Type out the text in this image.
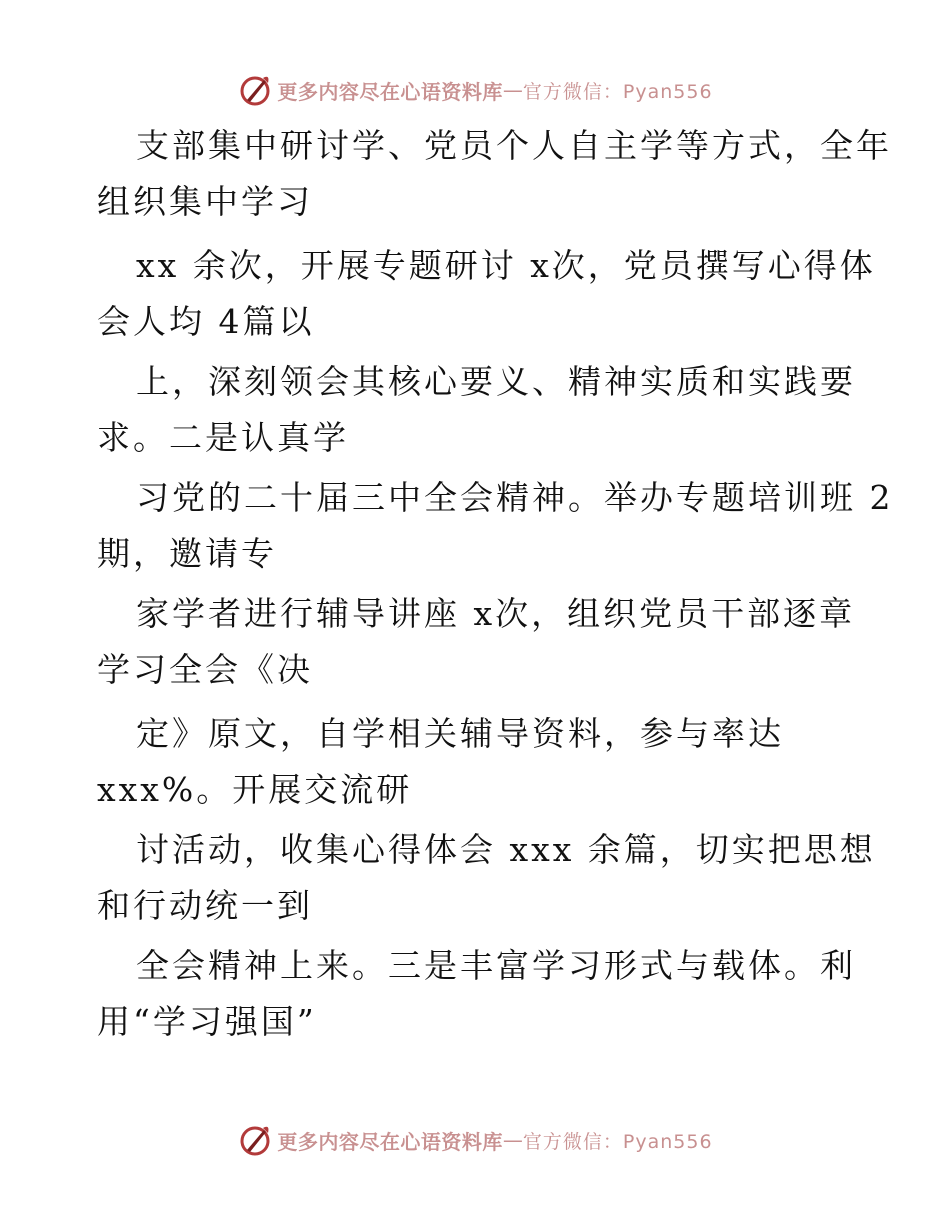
更多内容尽在心语资料库 — 官方微信：Pyan556
支部集中研讨学、党员个人自主学等方式，全年
组织集中学习
xx 余次，开展专题研讨 x次，党员撰写心得体
会人均 4篇以
上，深刻领会其核心要义、精神实质和实践要
求。二是认真学
习党的二十届三中全会精神。举办专题培训班 2
期，邀请专
家学者进行辅导讲座 x次，组织党员干部逐章
学习全会《决
定》原文，自学相关辅导资料，参与率达
xxx%。开展交流研
讨活动，收集心得体会 xxx 余篇，切实把思想
和行动统一到
全会精神上来。三是丰富学习形式与载体。利
用“学习强国”
更多内容尽在心语资料库 — 官方微信：Pyan556
